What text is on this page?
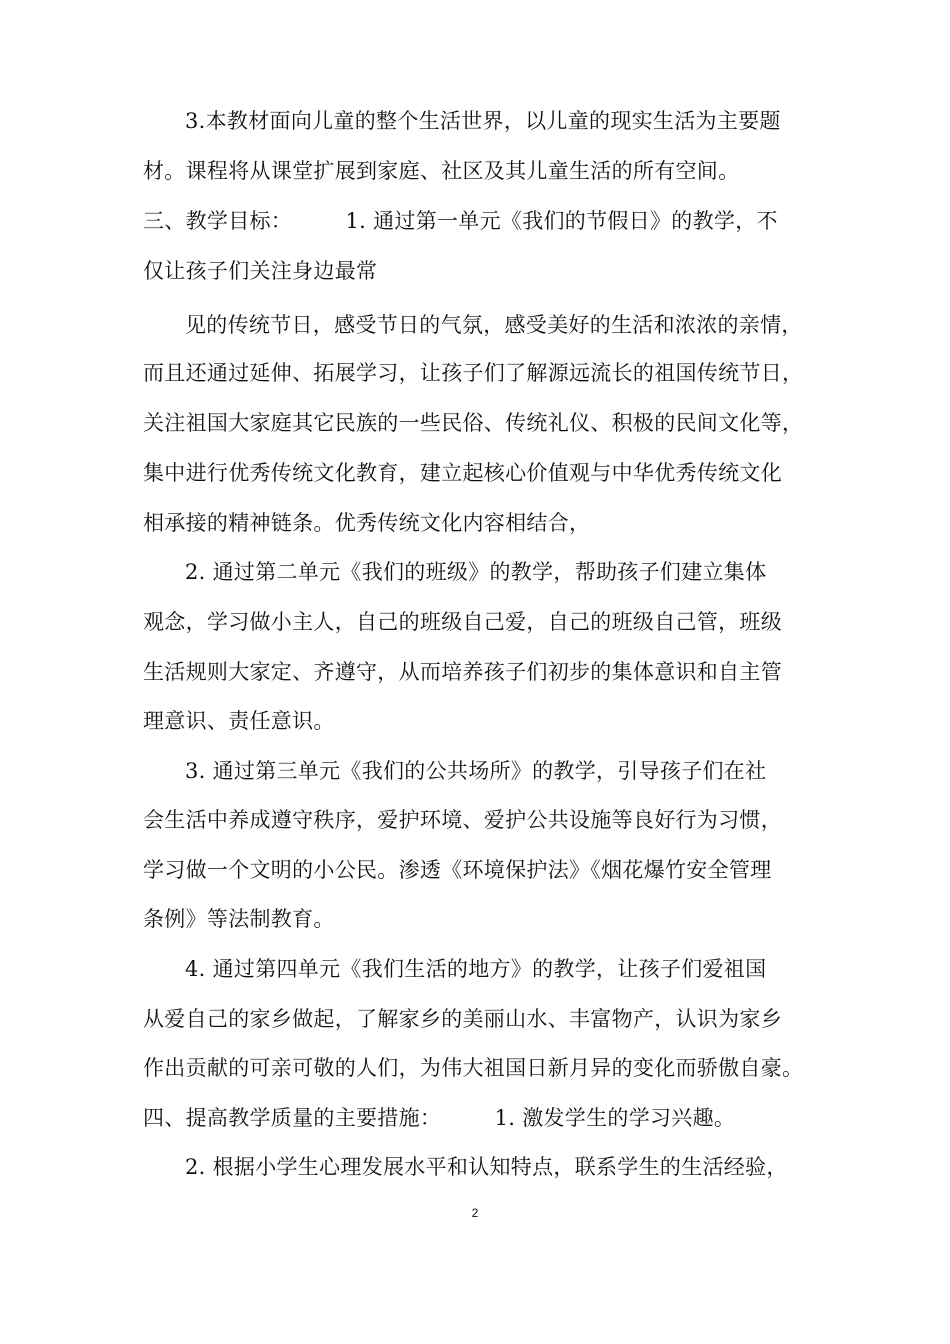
3.本教材面向儿童的整个生活世界，以儿童的现实生活为主要题
材。课程将从课堂扩展到家庭、社区及其儿童生活的所有空间。
三、教学目标：　　　1. 通过第一单元《我们的节假日》的教学，不
仅让孩子们关注身边最常
见的传统节日，感受节日的气氛，感受美好的生活和浓浓的亲情，
而且还通过延伸、拓展学习，让孩子们了解源远流长的祖国传统节日，
关注祖国大家庭其它民族的一些民俗、传统礼仪、积极的民间文化等，
集中进行优秀传统文化教育，建立起核心价值观与中华优秀传统文化
相承接的精神链条。优秀传统文化内容相结合，
2. 通过第二单元《我们的班级》的教学，帮助孩子们建立集体
观念，学习做小主人，自己的班级自己爱，自己的班级自己管，班级
生活规则大家定、齐遵守，从而培养孩子们初步的集体意识和自主管
理意识、责任意识。
3. 通过第三单元《我们的公共场所》的教学，引导孩子们在社
会生活中养成遵守秩序，爱护环境、爱护公共设施等良好行为习惯，
学习做一个文明的小公民。渗透《环境保护法》《烟花爆竹安全管理
条例》等法制教育。
4. 通过第四单元《我们生活的地方》的教学，让孩子们爱祖国
从爱自己的家乡做起，了解家乡的美丽山水、丰富物产，认识为家乡
作出贡献的可亲可敬的人们，为伟大祖国日新月异的变化而骄傲自豪。
四、提高教学质量的主要措施：　　　1. 激发学生的学习兴趣。
2. 根据小学生心理发展水平和认知特点，联系学生的生活经验，
2
